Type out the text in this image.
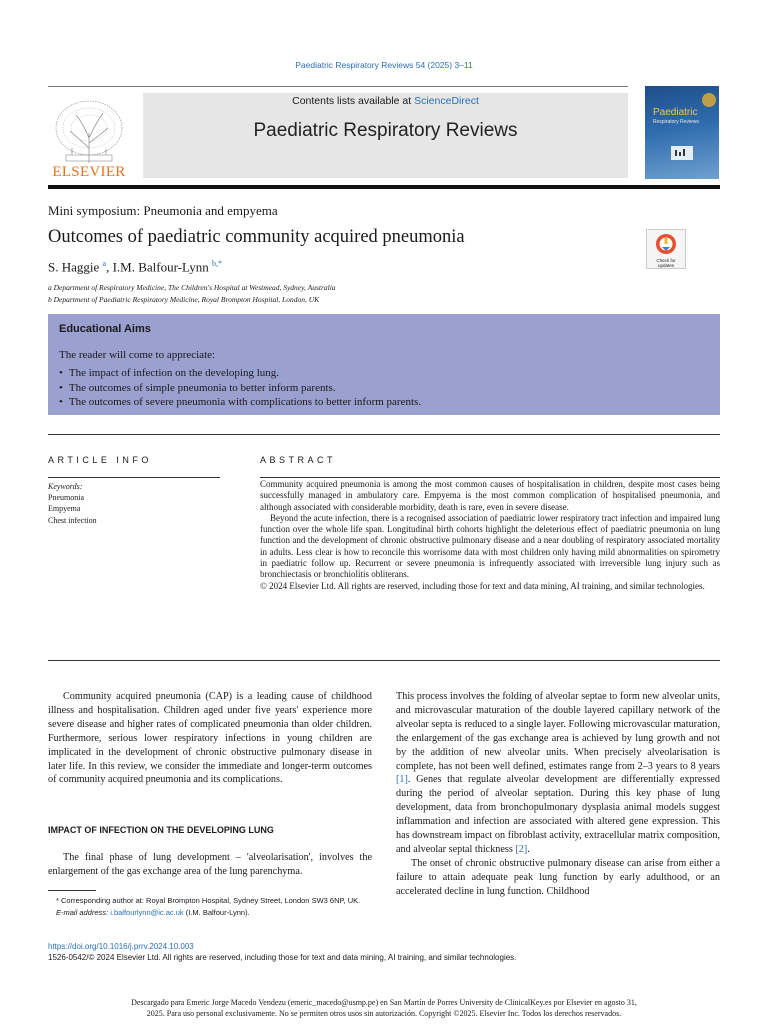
Paediatric Respiratory Reviews 54 (2025) 3–11
ELSEVIER
Contents lists available at ScienceDirect
Paediatric Respiratory Reviews
Paediatric
Respiratory Reviews
Mini symposium: Pneumonia and empyema
Outcomes of paediatric community acquired pneumonia
Check for updates
S. Haggie $^a$, I.M. Balfour-Lynn $^{b,*}$
a Department of Respiratory Medicine, The Children's Hospital at Westmead, Sydney, Australia
b Department of Paediatric Respiratory Medicine, Royal Brompton Hospital, London, UK
Educational Aims
The reader will come to appreciate:
• The impact of infection on the developing lung.
• The outcomes of simple pneumonia to better inform parents.
• The outcomes of severe pneumonia with complications to better inform parents.
ARTICLE INFO	ABSTRACT
Keywords:
Pneumonia
Empyema
Chest infection

Community acquired pneumonia is among the most common causes of hospitalisation in children, despite most cases being successfully managed in ambulatory care. Empyema is the most common complication of hospitalised pneumonia, and although associated with considerable morbidity, death is rare, even in severe disease.

Beyond the acute infection, there is a recognised association of paediatric lower respiratory tract infection and impaired lung function over the whole life span. Longitudinal birth cohorts highlight the deleterious effect of paediatric pneumonia on lung function and the development of chronic obstructive pulmonary disease and a near doubling of respiratory associated mortality in adults. Less clear is how to reconcile this worrisome data with most children only having mild abnormalities on spirometry in paediatric follow up. Recurrent or severe pneumonia is infrequently associated with irreversible lung injury such as bronchiectasis or bronchiolitis obliterans.

© 2024 Elsevier Ltd. All rights are reserved, including those for text and data mining, AI training, and similar technologies.

Community acquired pneumonia (CAP) is a leading cause of childhood illness and hospitalisation. Children aged under five years' experience more severe disease and higher rates of complicated pneumonia than older children. Furthermore, serious lower respiratory infections in young children are implicated in the development of chronic obstructive pulmonary disease in later life. In this review, we consider the immediate and longer-term outcomes of community acquired pneumonia and its complications.

IMPACT OF INFECTION ON THE DEVELOPING LUNG

The final phase of lung development – 'alveolarisation', involves the enlargement of the gas exchange area of the lung parenchyma.

* Corresponding author at: Royal Brompton Hospital, Sydney Street, London SW3 6NP, UK.

E-mail address: i.balfourlynn@ic.ac.uk (I.M. Balfour-Lynn).

This process involves the folding of alveolar septae to form new alveolar units, and microvascular maturation of the double layered capillary network of the alveolar septa is reduced to a single layer. Following microvascular maturation, the enlargement of the gas exchange area is achieved by lung growth and not by the addition of new alveolar units. When precisely alveolarisation is complete, has not been well defined, estimates range from 2–3 years to 8 years [1]. Genes that regulate alveolar development are differentially expressed during the period of alveolar septation. During this key phase of lung development, data from bronchopulmonary dysplasia animal models suggest inflammation and infection are associated with altered gene expression. This has downstream impact on fibroblast activity, extracellular matrix composition, and alveolar septal thickness [2].

The onset of chronic obstructive pulmonary disease can arise from either a failure to attain adequate peak lung function by early adulthood, or an accelerated decline in lung function. Childhood

https://doi.org/10.1016/j.prrv.2024.10.003
1526-0542/© 2024 Elsevier Ltd. All rights are reserved, including those for text and data mining, AI training, and similar technologies.
Descargado para Emeric Jorge Macedo Vendezu (emeric_macedo@usmp.pe) en San Martín de Porres University de ClinicalKey.es por Elsevier en agosto 31,
2025. Para uso personal exclusivamente. No se permiten otros usos sin autorización. Copyright ©2025. Elsevier Inc. Todos los derechos reservados.
